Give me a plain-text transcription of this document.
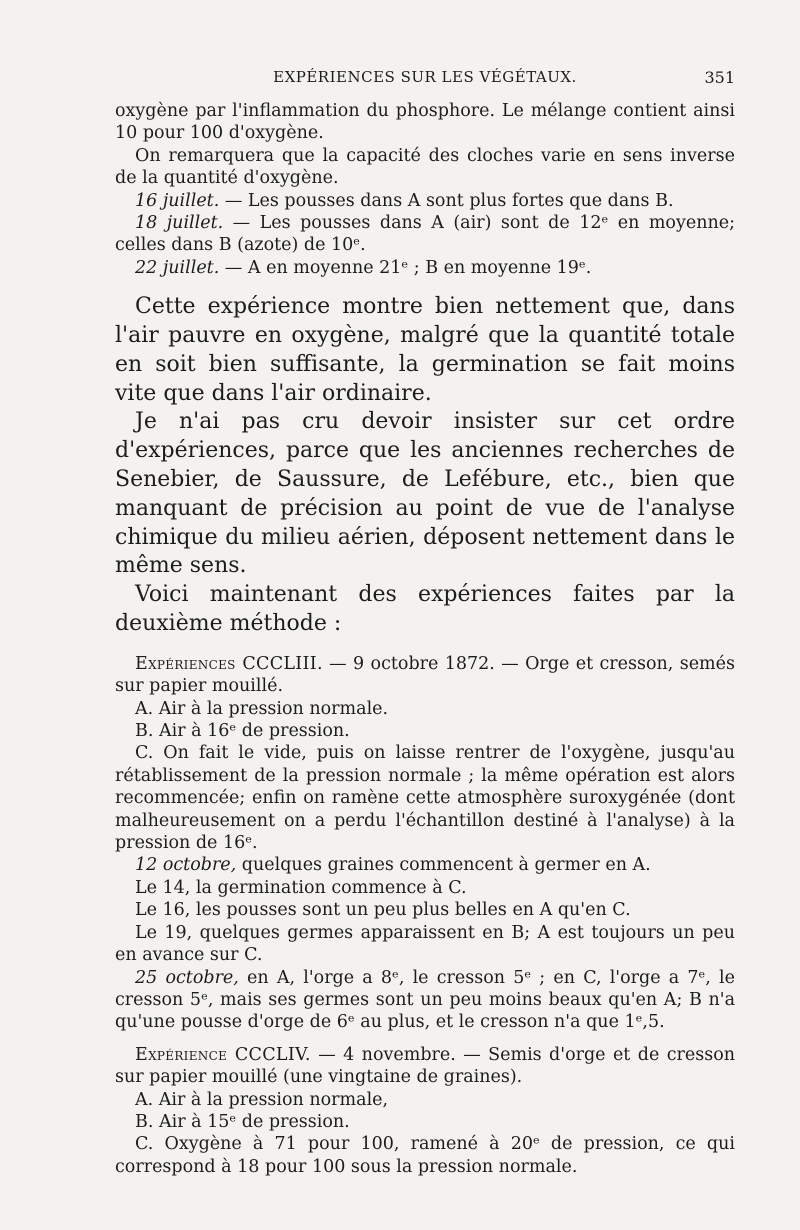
EXPÉRIENCES SUR LES VÉGÉTAUX.	351

oxygène par l'inflammation du phosphore. Le mélange contient ainsi 10 pour 100 d'oxygène.

On remarquera que la capacité des cloches varie en sens inverse de la quantité d'oxygène.

16 juillet. — Les pousses dans A sont plus fortes que dans B.

18 juillet. — Les pousses dans A (air) sont de 12ᵉ en moyenne; celles dans B (azote) de 10ᵉ.

22 juillet. — A en moyenne 21ᵉ ; B en moyenne 19ᵉ.

Cette expérience montre bien nettement que, dans l'air pauvre en oxygène, malgré que la quantité totale en soit bien suffisante, la germination se fait moins vite que dans l'air ordinaire.

Je n'ai pas cru devoir insister sur cet ordre d'expériences, parce que les anciennes recherches de Senebier, de Saussure, de Lefébure, etc., bien que manquant de précision au point de vue de l'analyse chimique du milieu aérien, déposent nettement dans le même sens.

Voici maintenant des expériences faites par la deuxième méthode :

Expériences CCCLIII. — 9 octobre 1872. — Orge et cresson, semés sur papier mouillé.

A. Air à la pression normale.

B. Air à 16ᵉ de pression.

C. On fait le vide, puis on laisse rentrer de l'oxygène, jusqu'au rétablissement de la pression normale ; la même opération est alors recommencée; enfin on ramène cette atmosphère suroxygénée (dont malheureusement on a perdu l'échantillon destiné à l'analyse) à la pression de 16ᵉ.

12 octobre, quelques graines commencent à germer en A.

Le 14, la germination commence à C.

Le 16, les pousses sont un peu plus belles en A qu'en C.

Le 19, quelques germes apparaissent en B; A est toujours un peu en avance sur C.

25 octobre, en A, l'orge a 8ᵉ, le cresson 5ᵉ ; en C, l'orge a 7ᵉ, le cresson 5ᵉ, mais ses germes sont un peu moins beaux qu'en A; B n'a qu'une pousse d'orge de 6ᵉ au plus, et le cresson n'a que 1ᵉ,5.

Expérience CCCLIV. — 4 novembre. — Semis d'orge et de cresson sur papier mouillé (une vingtaine de graines).

A. Air à la pression normale,

B. Air à 15ᵉ de pression.

C. Oxygène à 71 pour 100, ramené à 20ᵉ de pression, ce qui correspond à 18 pour 100 sous la pression normale.
